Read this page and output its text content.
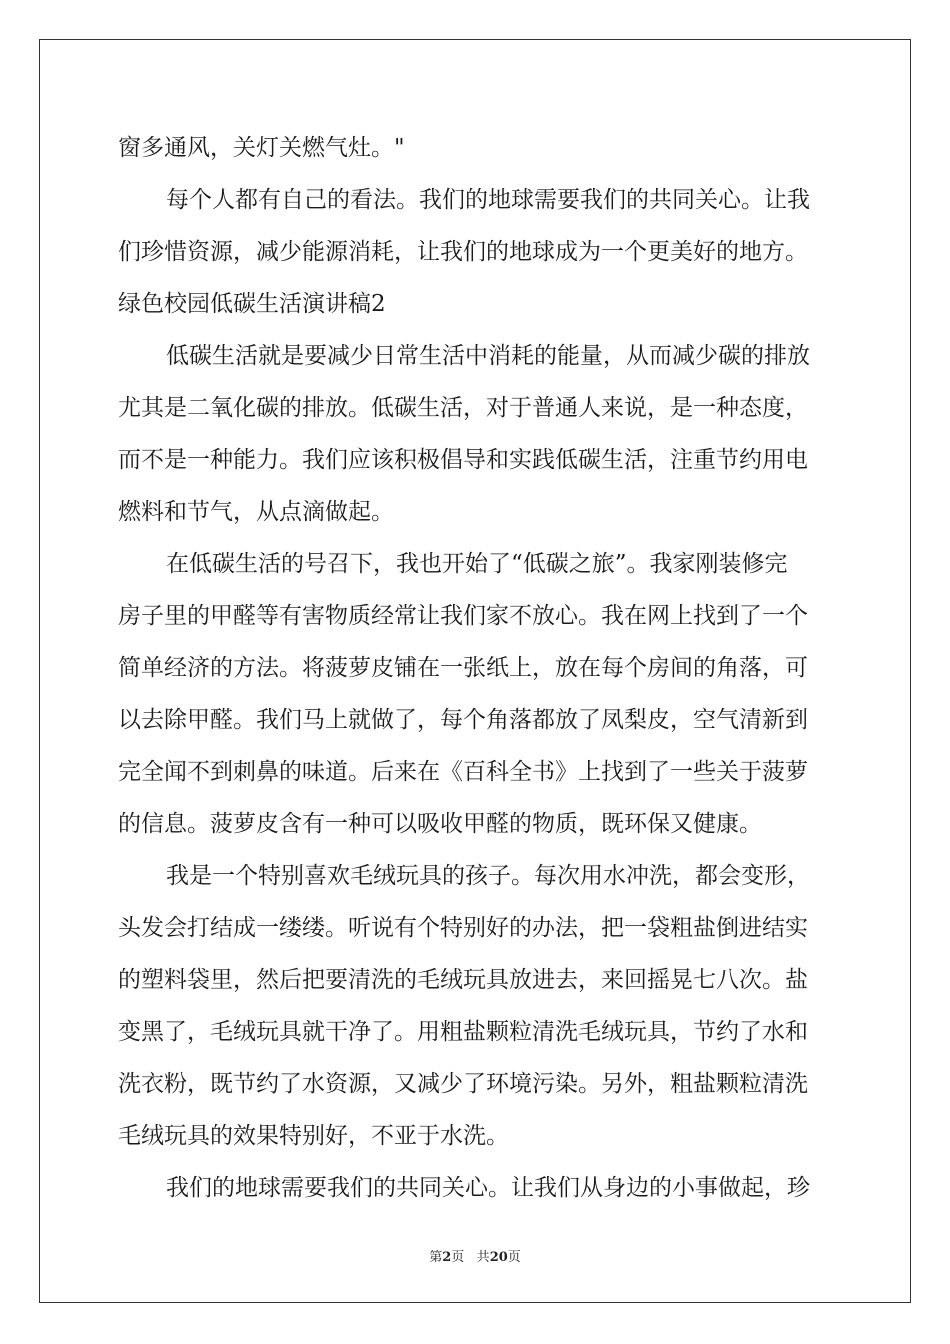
窗多通风，关灯关燃气灶。"
每个人都有自己的看法。我们的地球需要我们的共同关心。让我
们珍惜资源，减少能源消耗，让我们的地球成为一个更美好的地方。
绿色校园低碳生活演讲稿2
低碳生活就是要减少日常生活中消耗的能量，从而减少碳的排放
尤其是二氧化碳的排放。低碳生活，对于普通人来说，是一种态度，
而不是一种能力。我们应该积极倡导和实践低碳生活，注重节约用电
燃料和节气，从点滴做起。
在低碳生活的号召下，我也开始了“低碳之旅”。我家刚装修完
房子里的甲醛等有害物质经常让我们家不放心。我在网上找到了一个
简单经济的方法。将菠萝皮铺在一张纸上，放在每个房间的角落，可
以去除甲醛。我们马上就做了，每个角落都放了凤梨皮，空气清新到
完全闻不到刺鼻的味道。后来在《百科全书》上找到了一些关于菠萝
的信息。菠萝皮含有一种可以吸收甲醛的物质，既环保又健康。
我是一个特别喜欢毛绒玩具的孩子。每次用水冲洗，都会变形，
头发会打结成一缕缕。听说有个特别好的办法，把一袋粗盐倒进结实
的塑料袋里，然后把要清洗的毛绒玩具放进去，来回摇晃七八次。盐
变黑了，毛绒玩具就干净了。用粗盐颗粒清洗毛绒玩具，节约了水和
洗衣粉，既节约了水资源，又减少了环境污染。另外，粗盐颗粒清洗
毛绒玩具的效果特别好，不亚于水洗。
我们的地球需要我们的共同关心。让我们从身边的小事做起，珍
第2页 共20页
